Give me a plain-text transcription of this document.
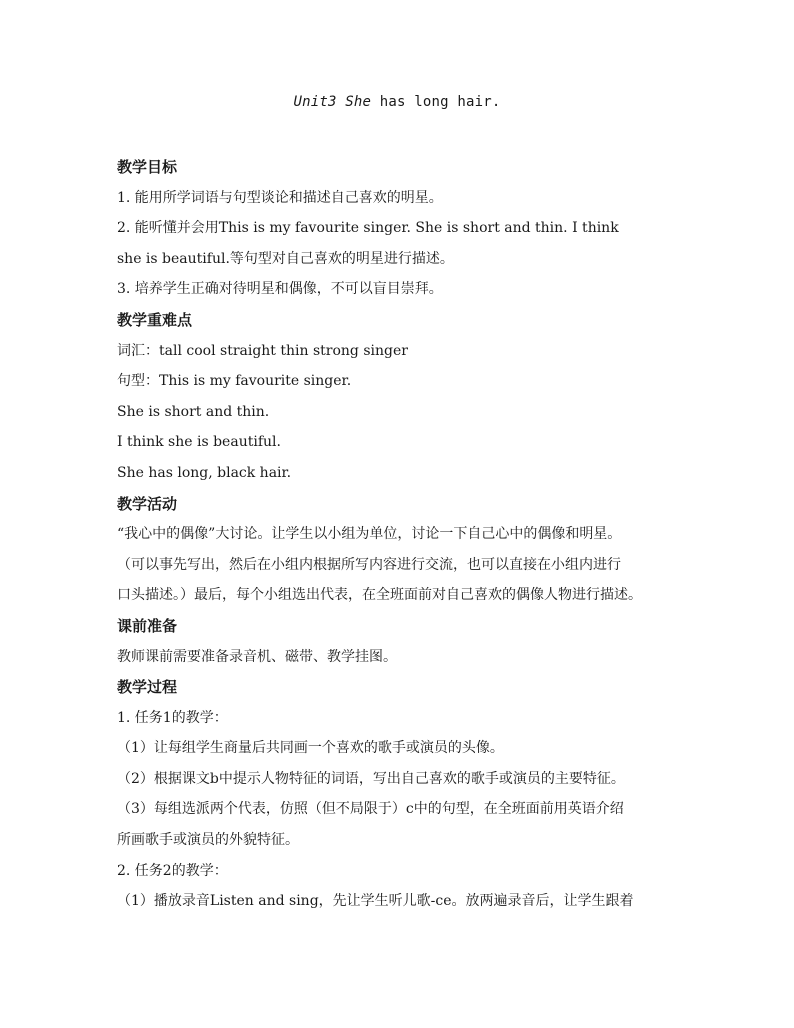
Unit3 She has long hair.
教学目标
1. 能用所学词语与句型谈论和描述自己喜欢的明星。
2. 能听懂并会用This is my favourite singer. She is short and thin. I think
she is beautiful.等句型对自己喜欢的明星进行描述。
3. 培养学生正确对待明星和偶像，不可以盲目崇拜。
教学重难点
词汇：tall cool straight thin strong singer
句型：This is my favourite singer.
She is short and thin.
I think she is beautiful.
She has long, black hair.
教学活动
“我心中的偶像”大讨论。让学生以小组为单位，讨论一下自己心中的偶像和明星。
（可以事先写出，然后在小组内根据所写内容进行交流，也可以直接在小组内进行
口头描述。）最后，每个小组选出代表，在全班面前对自己喜欢的偶像人物进行描述。
课前准备
教师课前需要准备录音机、磁带、教学挂图。
教学过程
1. 任务1的教学：
（1）让每组学生商量后共同画一个喜欢的歌手或演员的头像。
（2）根据课文b中提示人物特征的词语，写出自己喜欢的歌手或演员的主要特征。
（3）每组选派两个代表，仿照（但不局限于）c中的句型，在全班面前用英语介绍
所画歌手或演员的外貌特征。
2. 任务2的教学：
（1）播放录音Listen and sing，先让学生听儿歌-ce。放两遍录音后，让学生跟着
